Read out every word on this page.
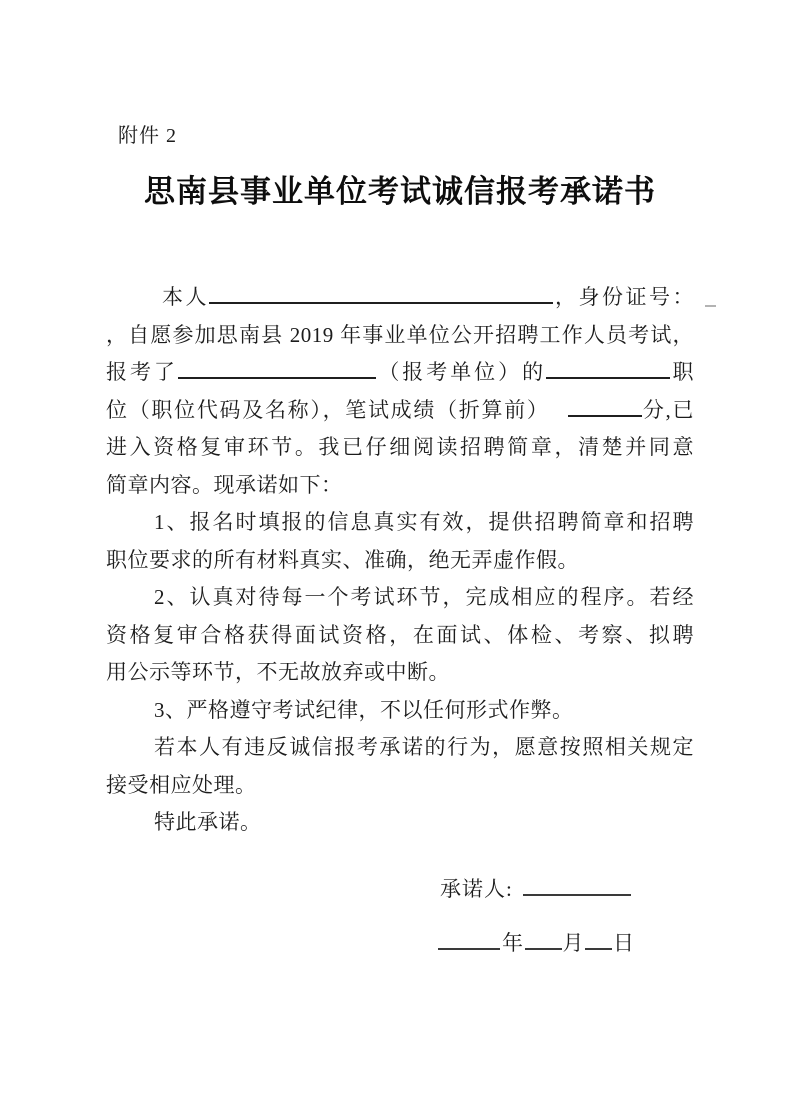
附件 2
思南县事业单位考试诚信报考承诺书
本人	，身份证号：
，自愿参加思南县 2019 年事业单位公开招聘工作人员考试，
报考了	（报考单位）的	职
位（职位代码及名称），笔试成绩（折算前）	分,已
进入资格复审环节。我已仔细阅读招聘简章，清楚并同意
简章内容。现承诺如下：
1、报名时填报的信息真实有效，提供招聘简章和招聘
职位要求的所有材料真实、准确，绝无弄虚作假。
2、认真对待每一个考试环节，完成相应的程序。若经
资格复审合格获得面试资格，在面试、体检、考察、拟聘
用公示等环节，不无故放弃或中断。
3、严格遵守考试纪律，不以任何形式作弊。
若本人有违反诚信报考承诺的行为，愿意按照相关规定
接受相应处理。
特此承诺。
承诺人:
年 月 日
